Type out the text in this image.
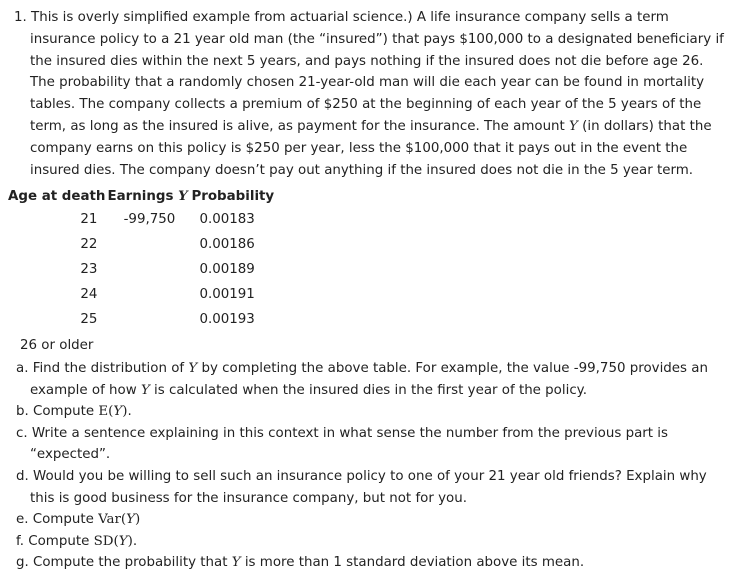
1. This is overly simplified example from actuarial science.) A life insurance company sells a term insurance policy to a 21 year old man (the “insured”) that pays $100,000 to a designated beneficiary if the insured dies within the next 5 years, and pays nothing if the insured does not die before age 26. The probability that a randomly chosen 21-year-old man will die each year can be found in mortality tables. The company collects a premium of $250 at the beginning of each year of the 5 years of the term, as long as the insured is alive, as payment for the insurance. The amount Y (in dollars) that the company earns on this policy is $250 per year, less the $100,000 that it pays out in the event the insured dies. The company doesn’t pay out anything if the insured does not die in the 5 year term.
Age at death	Earnings Y	Probability
21	-99,750	0.00183
22		0.00186
23		0.00189
24		0.00191
25		0.00193
26 or older
a. Find the distribution of Y by completing the above table. For example, the value -99,750 provides an example of how Y is calculated when the insured dies in the first year of the policy.
b. Compute E(Y).
c. Write a sentence explaining in this context in what sense the number from the previous part is “expected”.
d. Would you be willing to sell such an insurance policy to one of your 21 year old friends? Explain why this is good business for the insurance company, but not for you.
e. Compute Var(Y)
f. Compute SD(Y).
g. Compute the probability that Y is more than 1 standard deviation above its mean.
